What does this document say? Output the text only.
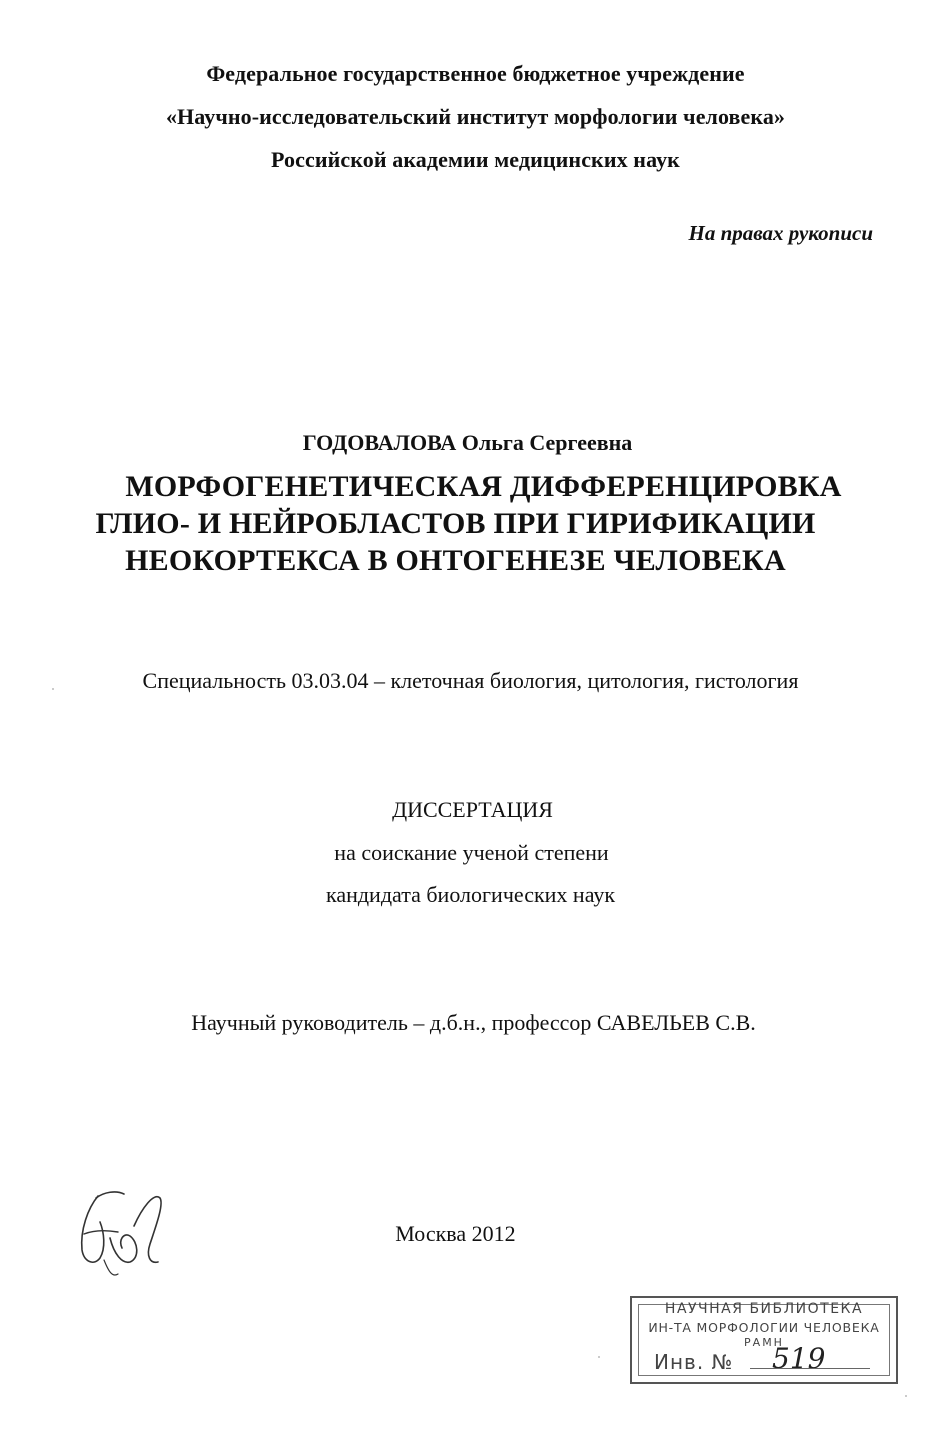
Федеральное государственное бюджетное учреждение
«Научно-исследовательский институт морфологии человека»
Российской академии медицинских наук
На правах рукописи
ГОДОВАЛОВА Ольга Сергеевна
МОРФОГЕНЕТИЧЕСКАЯ ДИФФЕРЕНЦИРОВКА
ГЛИО- И НЕЙРОБЛАСТОВ ПРИ ГИРИФИКАЦИИ
НЕОКОРТЕКСА В ОНТОГЕНЕЗЕ ЧЕЛОВЕКА
Специальность 03.03.04 – клеточная биология, цитология, гистология
ДИССЕРТАЦИЯ
на соискание ученой степени
кандидата биологических наук
Научный руководитель – д.б.н., профессор САВЕЛЬЕВ С.В.
Москва 2012
НАУЧНАЯ БИБЛИОТЕКА
ИН-ТА МОРФОЛОГИИ ЧЕЛОВЕКА
РАМН
Инв. № 519
